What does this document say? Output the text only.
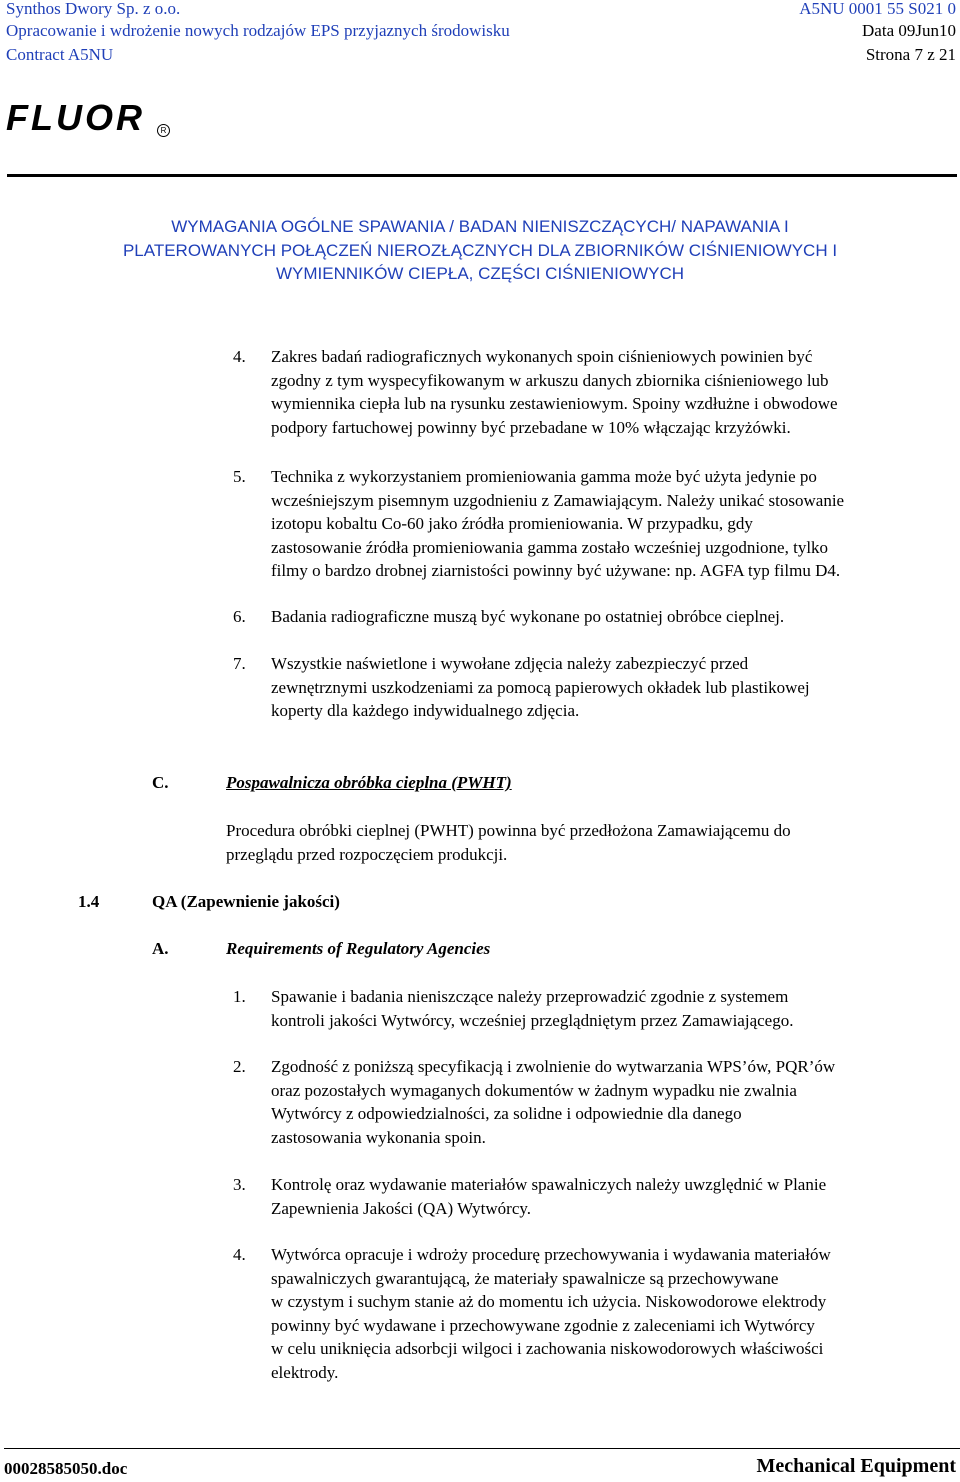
Synthos Dwory Sp. z o.o.
Opracowanie i wdrożenie nowych rodzajów EPS przyjaznych środowisku
Contract A5NU
A5NU 0001 55 S021 0
Data 09Jun10
Strona 7 z 21
FLUOR	R
WYMAGANIA OGÓLNE SPAWANIA / BADAN NIENISZCZĄCYCH/ NAPAWANIA I
PLATEROWANYCH POŁĄCZEŃ NIEROZŁĄCZNYCH DLA ZBIORNIKÓW CIŚNIENIOWYCH I
WYMIENNIKÓW CIEPŁA, CZĘŚCI CIŚNIENIOWYCH
4. Zakres badań radiograficznych wykonanych spoin ciśnieniowych powinien być
zgodny z tym wyspecyfikowanym w arkuszu danych zbiornika ciśnieniowego lub
wymiennika ciepła lub na rysunku zestawieniowym. Spoiny wzdłużne i obwodowe
podpory fartuchowej powinny być przebadane w 10% włączając krzyżówki.
5. Technika z wykorzystaniem promieniowania gamma może być użyta jedynie po
wcześniejszym pisemnym uzgodnieniu z Zamawiającym. Należy unikać stosowanie
izotopu kobaltu Co-60 jako źródła promieniowania. W przypadku, gdy
zastosowanie źródła promieniowania gamma zostało wcześniej uzgodnione, tylko
filmy o bardzo drobnej ziarnistości powinny być używane: np. AGFA typ filmu D4.
6. Badania radiograficzne muszą być wykonane po ostatniej obróbce cieplnej.
7. Wszystkie naświetlone i wywołane zdjęcia należy zabezpieczyć przed
zewnętrznymi uszkodzeniami za pomocą papierowych okładek lub plastikowej
koperty dla każdego indywidualnego zdjęcia.
C.	Pospawalnicza obróbka cieplna (PWHT)
Procedura obróbki cieplnej (PWHT) powinna być przedłożona Zamawiającemu do
przeglądu przed rozpoczęciem produkcji.
1.4	QA (Zapewnienie jakości)
A.	Requirements of Regulatory Agencies
1. Spawanie i badania nieniszczące należy przeprowadzić zgodnie z systemem
kontroli jakości Wytwórcy, wcześniej przeglądniętym przez Zamawiającego.
2. Zgodność z poniższą specyfikacją i zwolnienie do wytwarzania WPS’ów, PQR’ów
oraz pozostałych wymaganych dokumentów w żadnym wypadku nie zwalnia
Wytwórcy z odpowiedzialności, za solidne i odpowiednie dla danego
zastosowania wykonania spoin.
3. Kontrolę oraz wydawanie materiałów spawalniczych należy uwzględnić w Planie
Zapewnienia Jakości (QA) Wytwórcy.
4. Wytwórca opracuje i wdroży procedurę przechowywania i wydawania materiałów
spawalniczych gwarantującą, że materiały spawalnicze są przechowywane
w czystym i suchym stanie aż do momentu ich użycia. Niskowodorowe elektrody
powinny być wydawane i przechowywane zgodnie z zaleceniami ich Wytwórcy
w celu uniknięcia adsorbcji wilgoci i zachowania niskowodorowych właściwości
elektrody.
00028585050.doc	Mechanical Equipment
